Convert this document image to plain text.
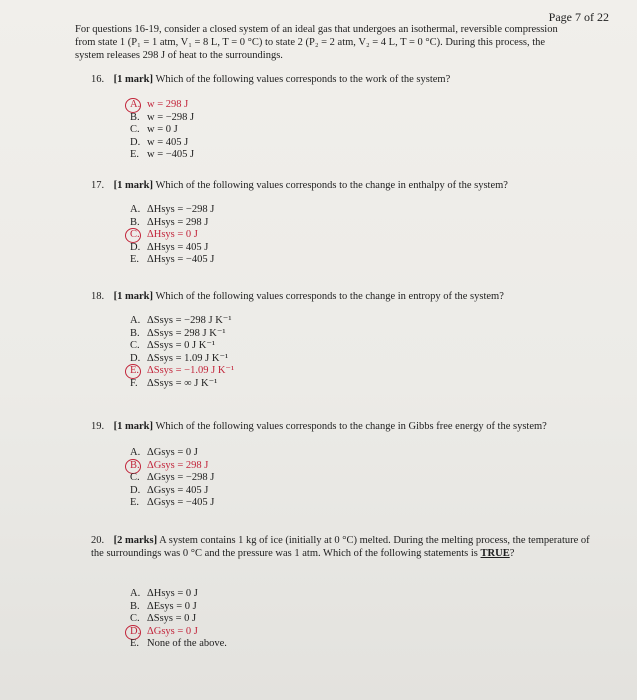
Page 7 of 22
For questions 16-19, consider a closed system of an ideal gas that undergoes an isothermal, reversible compression from state 1 (P₁ = 1 atm, V₁ = 8 L, T = 0 °C) to state 2 (P₂ = 2 atm, V₂ = 4 L, T = 0 °C). During this process, the system releases 298 J of heat to the surroundings.
16. [1 mark] Which of the following values corresponds to the work of the system?
A. w = 298 J
B. w = −298 J
C. w = 0 J
D. w = 405 J
E. w = −405 J
17. [1 mark] Which of the following values corresponds to the change in enthalpy of the system?
A. ΔHsys = −298 J
B. ΔHsys = 298 J
C. ΔHsys = 0 J
D. ΔHsys = 405 J
E. ΔHsys = −405 J
18. [1 mark] Which of the following values corresponds to the change in entropy of the system?
A. ΔSsys = −298 J K⁻¹
B. ΔSsys = 298 J K⁻¹
C. ΔSsys = 0 J K⁻¹
D. ΔSsys = 1.09 J K⁻¹
E. ΔSsys = −1.09 J K⁻¹
F. ΔSsys = ∞ J K⁻¹
19. [1 mark] Which of the following values corresponds to the change in Gibbs free energy of the system?
A. ΔGsys = 0 J
B. ΔGsys = 298 J
C. ΔGsys = −298 J
D. ΔGsys = 405 J
E. ΔGsys = −405 J
20. [2 marks] A system contains 1 kg of ice (initially at 0 °C) melted. During the melting process, the temperature of the surroundings was 0 °C and the pressure was 1 atm. Which of the following statements is TRUE?
A. ΔHsys = 0 J
B. ΔEsys = 0 J
C. ΔSsys = 0 J
D. ΔGsys = 0 J
E. None of the above.
